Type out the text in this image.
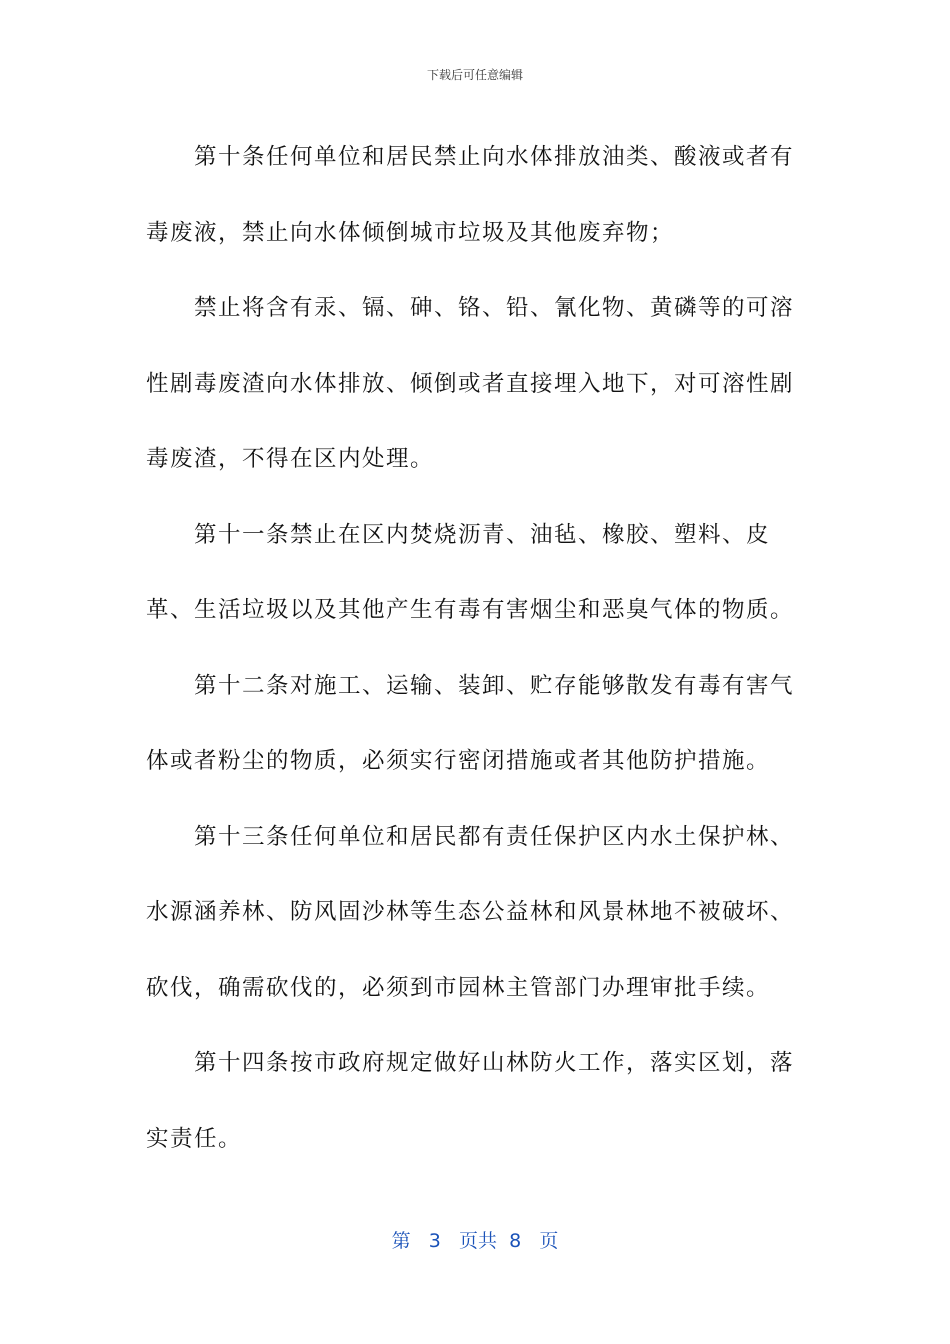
下载后可任意编辑

第十条任何单位和居民禁止向水体排放油类、酸液或者有毒废液，禁止向水体倾倒城市垃圾及其他废弃物；

禁止将含有汞、镉、砷、铬、铅、氰化物、黄磷等的可溶性剧毒废渣向水体排放、倾倒或者直接埋入地下，对可溶性剧毒废渣，不得在区内处理。

第十一条禁止在区内焚烧沥青、油毡、橡胶、塑料、皮革、生活垃圾以及其他产生有毒有害烟尘和恶臭气体的物质。

第十二条对施工、运输、装卸、贮存能够散发有毒有害气体或者粉尘的物质，必须实行密闭措施或者其他防护措施。

第十三条任何单位和居民都有责任保护区内水土保护林、水源涵养林、防风固沙林等生态公益林和风景林地不被破坏、砍伐，确需砍伐的，必须到市园林主管部门办理审批手续。

第十四条按市政府规定做好山林防火工作，落实区划，落实责任。

第 3 页共 8 页
